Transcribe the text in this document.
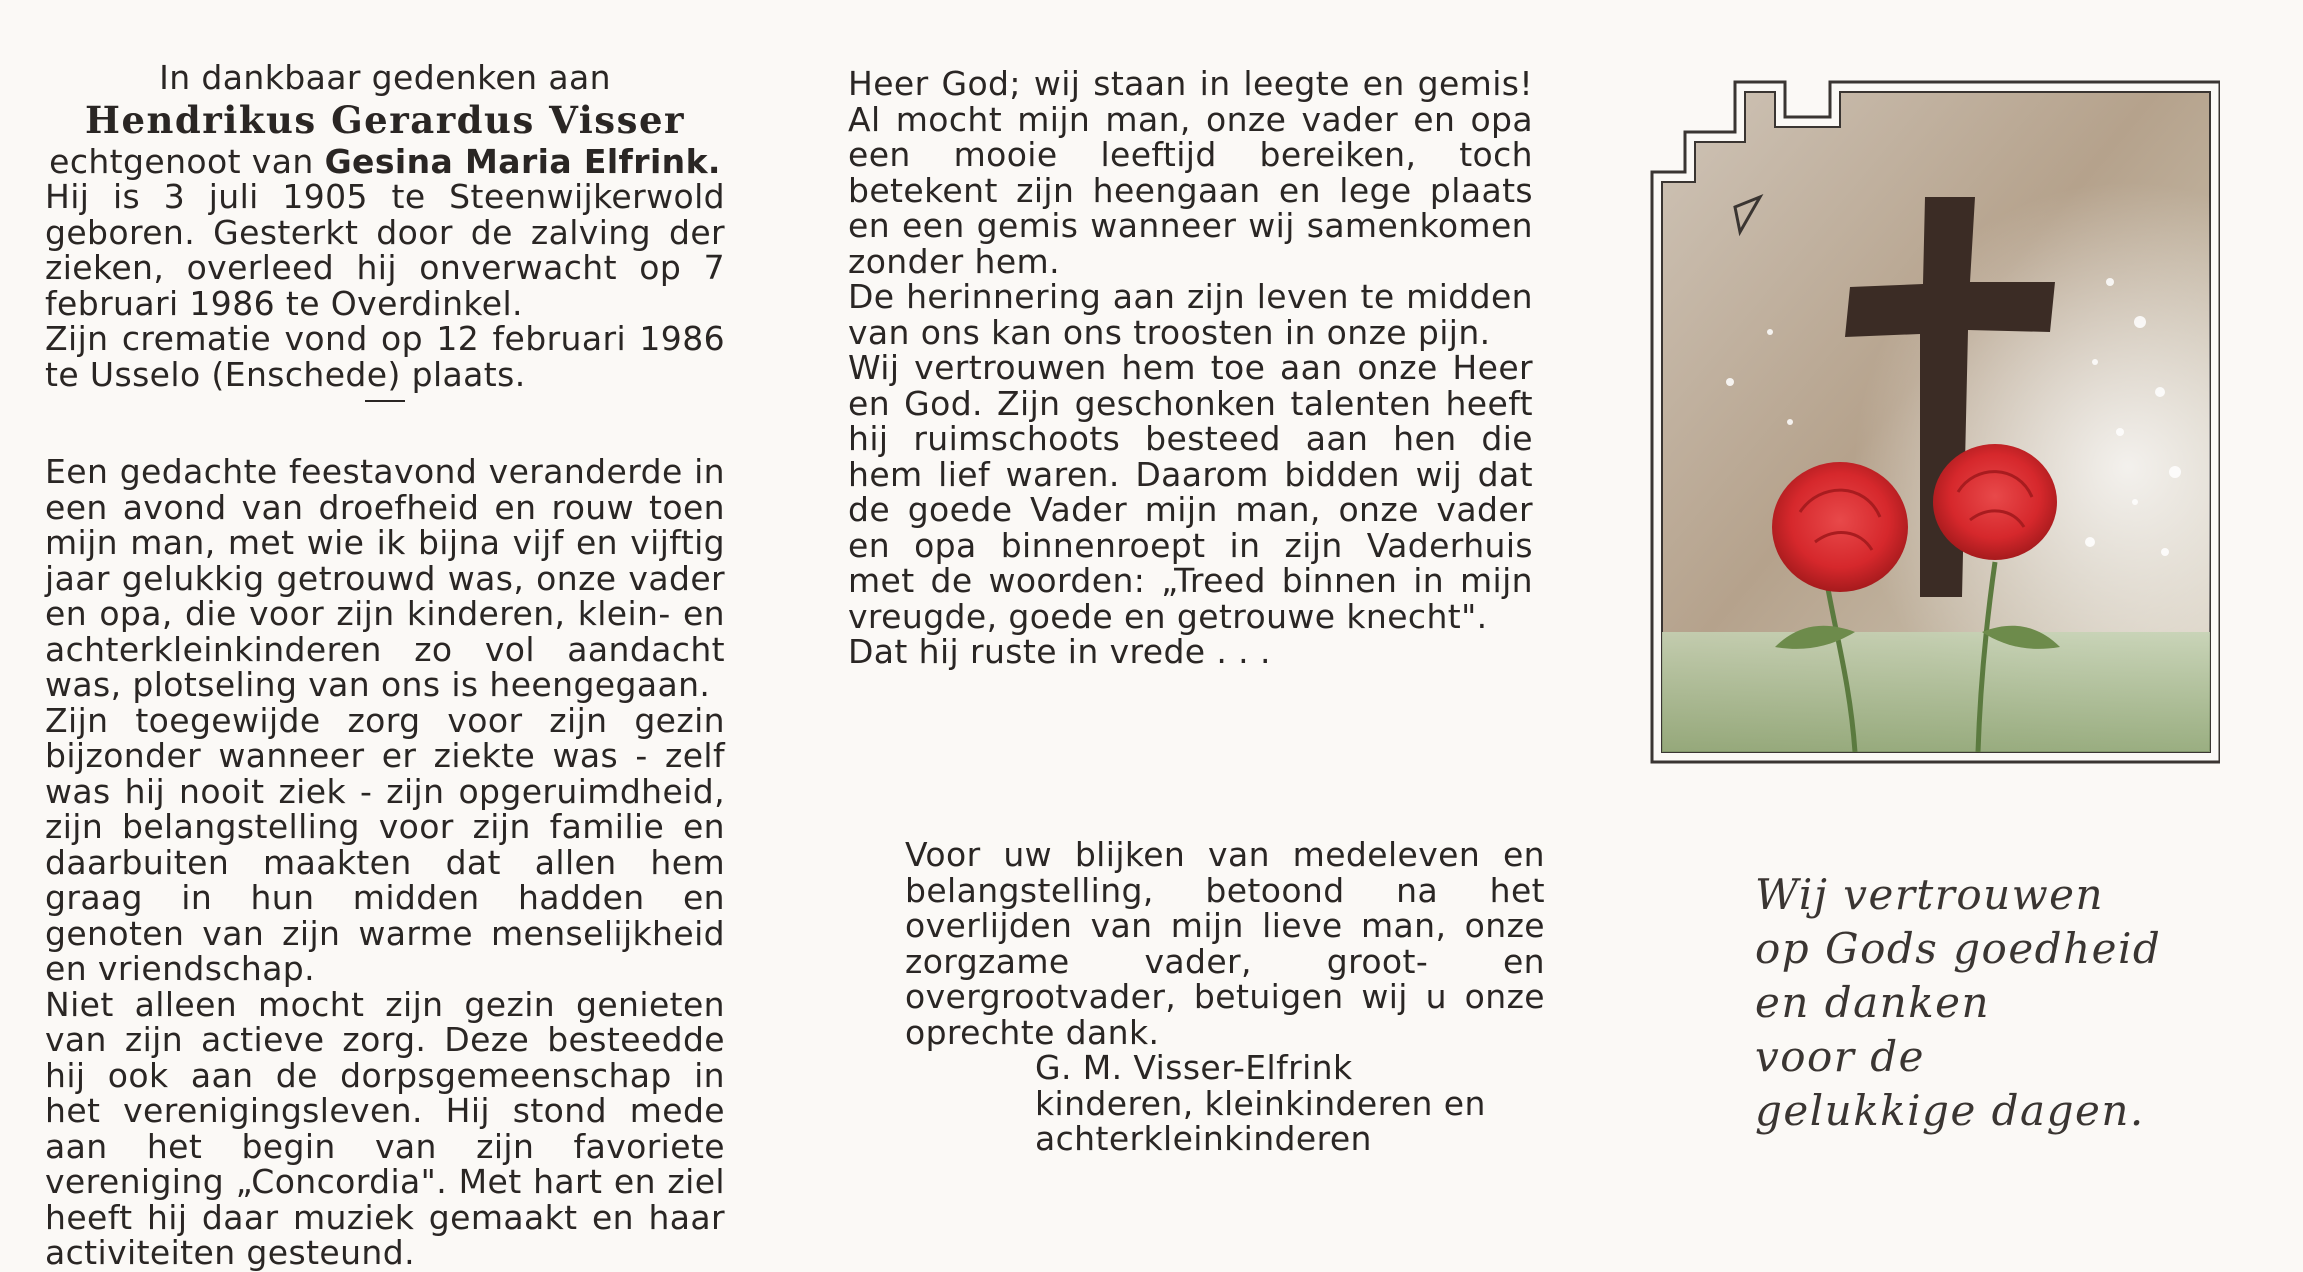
In dankbaar gedenken aan

Hendrikus Gerardus Visser

echtgenoot van Gesina Maria Elfrink.

Hij is 3 juli 1905 te Steenwijkerwold geboren. Gesterkt door de zalving der zieken, overleed hij onverwacht op 7 februari 1986 te Overdinkel.

Zijn crematie vond op 12 februari 1986 te Usselo (Enschede) plaats.

Een gedachte feestavond veranderde in een avond van droefheid en rouw toen mijn man, met wie ik bijna vijf en vijftig jaar gelukkig getrouwd was, onze vader en opa, die voor zijn kinderen, klein- en achterkleinkinderen zo vol aandacht was, plotseling van ons is heengegaan.

Zijn toegewijde zorg voor zijn gezin bijzonder wanneer er ziekte was - zelf was hij nooit ziek - zijn opgeruimdheid, zijn belangstelling voor zijn familie en daarbuiten maakten dat allen hem graag in hun midden hadden en genoten van zijn warme menselijkheid en vriendschap.

Niet alleen mocht zijn gezin genieten van zijn actieve zorg. Deze besteedde hij ook aan de dorpsgemeenschap in het verenigingsleven. Hij stond mede aan het begin van zijn favoriete vereniging „Concordia". Met hart en ziel heeft hij daar muziek gemaakt en haar activiteiten gesteund.

Heer God; wij staan in leegte en gemis! Al mocht mijn man, onze vader en opa een mooie leeftijd bereiken, toch betekent zijn heengaan en lege plaats en een gemis wanneer wij samenkomen zonder hem.

De herinnering aan zijn leven te midden van ons kan ons troosten in onze pijn.

Wij vertrouwen hem toe aan onze Heer en God. Zijn geschonken talenten heeft hij ruimschoots besteed aan hen die hem lief waren. Daarom bidden wij dat de goede Vader mijn man, onze vader en opa binnenroept in zijn Vaderhuis met de woorden: „Treed binnen in mijn vreugde, goede en getrouwe knecht".

Dat hij ruste in vrede . . .

Voor uw blijken van medeleven en belangstelling, betoond na het overlijden van mijn lieve man, onze zorgzame vader, groot- en overgrootvader, betuigen wij u onze oprechte dank.

G. M. Visser-Elfrink

kinderen, kleinkinderen en

achterkleinkinderen

Wij vertrouwen

op Gods goedheid

en danken

voor de

gelukkige dagen.
